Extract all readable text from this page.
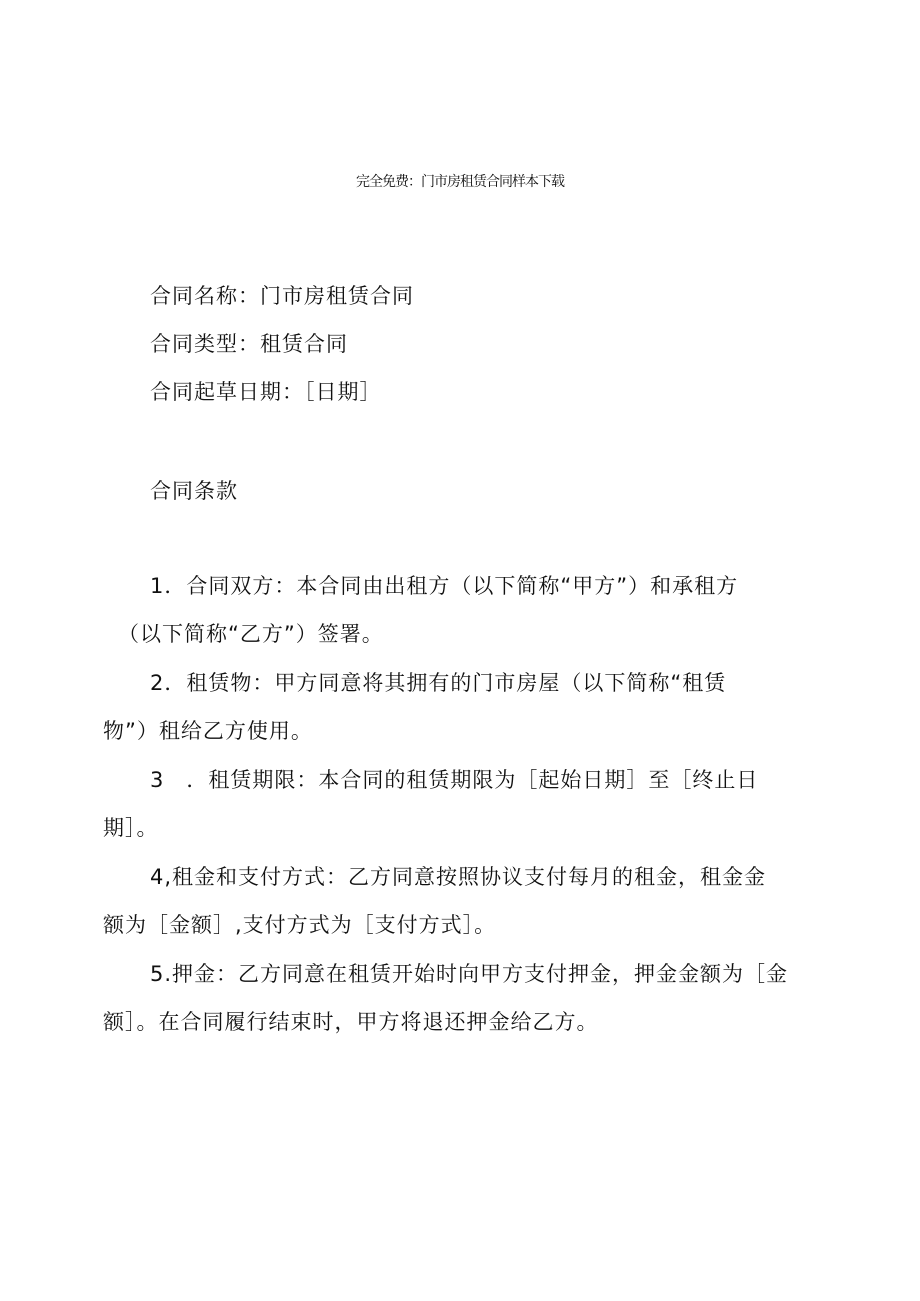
完全免费：门市房租赁合同样本下载
合同名称：门市房租赁合同
合同类型：租赁合同
合同起草日期：［日期］
合同条款
1．合同双方：本合同由出租方（以下简称“甲方”）和承租方
（以下简称“乙方”）签署。
2．租赁物：甲方同意将其拥有的门市房屋（以下简称“租赁
物”）租给乙方使用。
3　．租赁期限：本合同的租赁期限为［起始日期］至［终止日
期］。
4,租金和支付方式：乙方同意按照协议支付每月的租金，租金金
额为［金额］,支付方式为［支付方式］。
5.押金：乙方同意在租赁开始时向甲方支付押金，押金金额为［金
额］。在合同履行结束时，甲方将退还押金给乙方。
